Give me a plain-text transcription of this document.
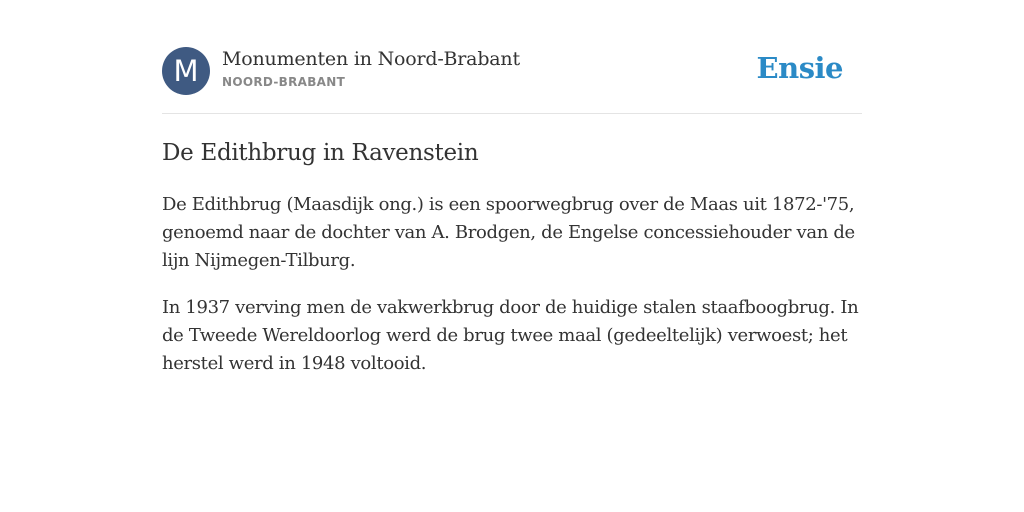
M	Monumenten in Noord-Brabant
NOORD-BRABANT	Ensie
De Edithbrug in Ravenstein

De Edithbrug (Maasdijk ong.) is een spoorwegbrug over de Maas uit 1872-'75, genoemd naar de dochter van A. Brodgen, de Engelse concessiehouder van de lijn Nijmegen-Tilburg.

In 1937 verving men de vakwerkbrug door de huidige stalen staafboogbrug. In de Tweede Wereldoorlog werd de brug twee maal (gedeeltelijk) verwoest; het herstel werd in 1948 voltooid.
